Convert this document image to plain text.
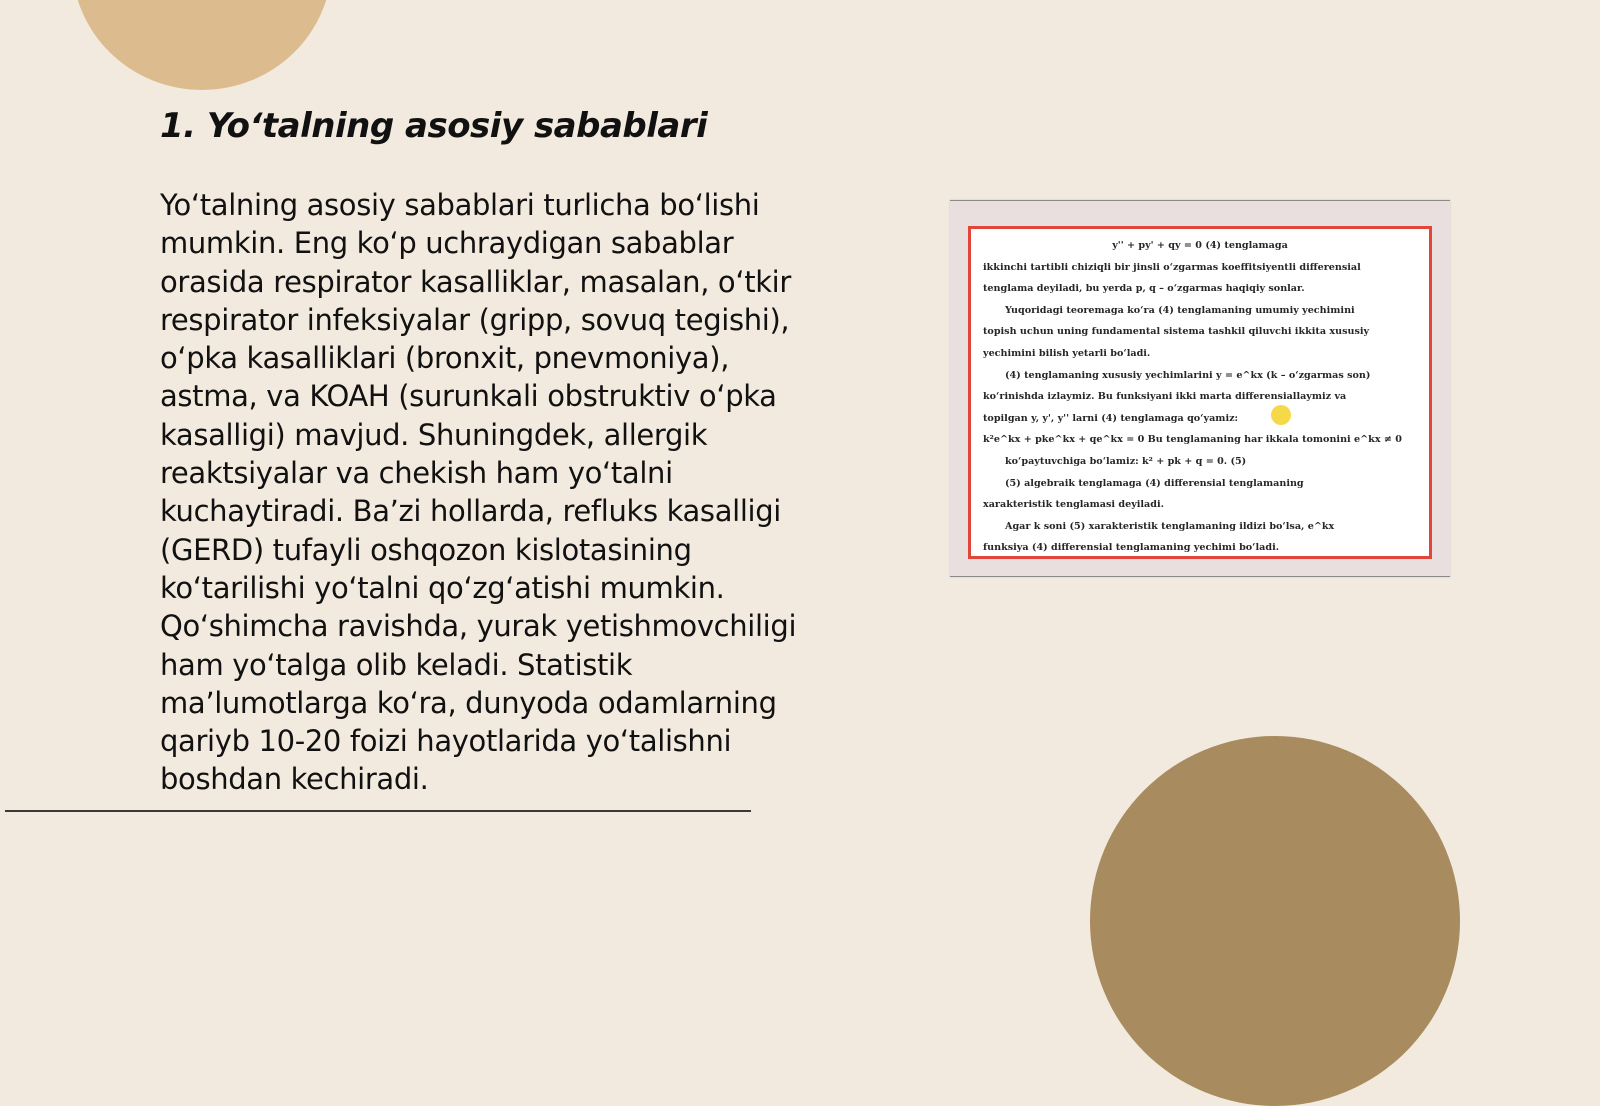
1. Yo‘talning asosiy sabablari

Yo‘talning asosiy sabablari turlicha bo‘lishi mumkin. Eng ko‘p uchraydigan sabablar orasida respirator kasalliklar, masalan, o‘tkir respirator infeksiyalar (gripp, sovuq tegishi), o‘pka kasalliklari (bronxit, pnevmoniya), astma, va KOAH (surunkali obstruktiv o‘pka kasalligi) mavjud. Shuningdek, allergik reaktsiyalar va chekish ham yo‘talni kuchaytiradi. Ba’zi hollarda, refluks kasalligi (GERD) tufayli oshqozon kislotasining ko‘tarilishi yo‘talni qo‘zg‘atishi mumkin. Qo‘shimcha ravishda, yurak yetishmovchiligi ham yo‘talga olib keladi. Statistik ma’lumotlarga ko‘ra, dunyoda odamlarning qariyb 10-20 foizi hayotlarida yo‘talishni boshdan kechiradi.

y'' + py' + qy = 0 (4) tenglamaga
ikkinchi tartibli chiziqli bir jinsli o‘zgarmas koeffitsiyentli differensial
tenglama deyiladi, bu yerda p, q – o‘zgarmas haqiqiy sonlar.
Yuqoridagi teoremaga ko‘ra (4) tenglamaning umumiy yechimini
topish uchun uning fundamental sistema tashkil qiluvchi ikkita xususiy
yechimini bilish yetarli bo‘ladi.
(4) tenglamaning xususiy yechimlarini y = e^kx (k – o‘zgarmas son)
ko‘rinishda izlaymiz. Bu funksiyani ikki marta differensiallaymiz va
topilgan y, y', y'' larni (4) tenglamaga qo‘yamiz:
k²e^kx + pke^kx + qe^kx = 0 Bu tenglamaning har ikkala tomonini e^kx ≠ 0
ko‘paytuvchiga bo‘lamiz: k² + pk + q = 0. (5)
(5) algebraik tenglamaga (4) differensial tenglamaning
xarakteristik tenglamasi deyiladi.
Agar k soni (5) xarakteristik tenglamaning ildizi bo‘lsa, e^kx
funksiya (4) differensial tenglamaning yechimi bo‘ladi.
